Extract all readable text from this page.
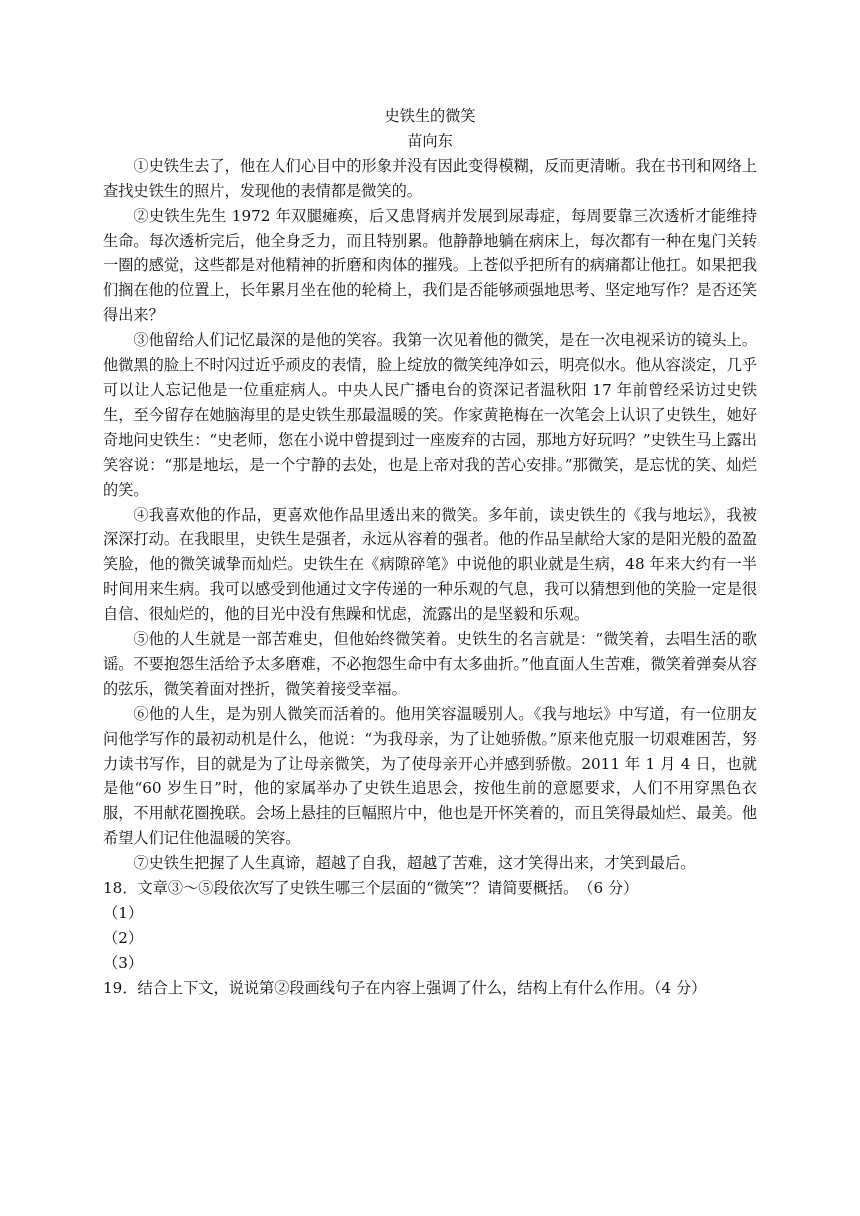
史铁生的微笑

苗向东

①史铁生去了，他在人们心目中的形象并没有因此变得模糊，反而更清晰。我在书刊和网络上查找史铁生的照片，发现他的表情都是微笑的。

②史铁生先生 1972 年双腿瘫痪，后又患肾病并发展到尿毒症，每周要靠三次透析才能维持生命。每次透析完后，他全身乏力，而且特别累。他静静地躺在病床上，每次都有一种在鬼门关转一圈的感觉，这些都是对他精神的折磨和肉体的摧残。上苍似乎把所有的病痛都让他扛。如果把我们搁在他的位置上，长年累月坐在他的轮椅上，我们是否能够顽强地思考、坚定地写作？是否还笑得出来？

③他留给人们记忆最深的是他的笑容。我第一次见着他的微笑，是在一次电视采访的镜头上。他微黑的脸上不时闪过近乎顽皮的表情，脸上绽放的微笑纯净如云，明亮似水。他从容淡定，几乎可以让人忘记他是一位重症病人。中央人民广播电台的资深记者温秋阳 17 年前曾经采访过史铁生，至今留存在她脑海里的是史铁生那最温暖的笑。作家黄艳梅在一次笔会上认识了史铁生，她好奇地问史铁生：“史老师，您在小说中曾提到过一座废弃的古园，那地方好玩吗？”史铁生马上露出笑容说：“那是地坛，是一个宁静的去处，也是上帝对我的苦心安排。”那微笑，是忘忧的笑、灿烂的笑。

④我喜欢他的作品，更喜欢他作品里透出来的微笑。多年前，读史铁生的《我与地坛》，我被深深打动。在我眼里，史铁生是强者，永远从容着的强者。他的作品呈献给大家的是阳光般的盈盈笑脸，他的微笑诚挚而灿烂。史铁生在《病隙碎笔》中说他的职业就是生病，48 年来大约有一半时间用来生病。我可以感受到他通过文字传递的一种乐观的气息，我可以猜想到他的笑脸一定是很自信、很灿烂的，他的目光中没有焦躁和忧虑，流露出的是坚毅和乐观。

⑤他的人生就是一部苦难史，但他始终微笑着。史铁生的名言就是：“微笑着，去唱生活的歌谣。不要抱怨生活给予太多磨难，不必抱怨生命中有太多曲折。”他直面人生苦难，微笑着弹奏从容的弦乐，微笑着面对挫折，微笑着接受幸福。

⑥他的人生，是为别人微笑而活着的。他用笑容温暖别人。《我与地坛》中写道，有一位朋友问他学写作的最初动机是什么，他说：“为我母亲，为了让她骄傲。”原来他克服一切艰难困苦，努力读书写作，目的就是为了让母亲微笑，为了使母亲开心并感到骄傲。2011 年 1 月 4 日，也就是他“60 岁生日”时，他的家属举办了史铁生追思会，按他生前的意愿要求，人们不用穿黑色衣服，不用献花圈挽联。会场上悬挂的巨幅照片中，他也是开怀笑着的，而且笑得最灿烂、最美。他希望人们记住他温暖的笑容。

⑦史铁生把握了人生真谛，超越了自我，超越了苦难，这才笑得出来，才笑到最后。

18．文章③～⑤段依次写了史铁生哪三个层面的“微笑”？请简要概括。　（6 分）

（1）

（2）

（3）

19．结合上下文，说说第②段画线句子在内容上强调了什么，结构上有什么作用。（4 分）
